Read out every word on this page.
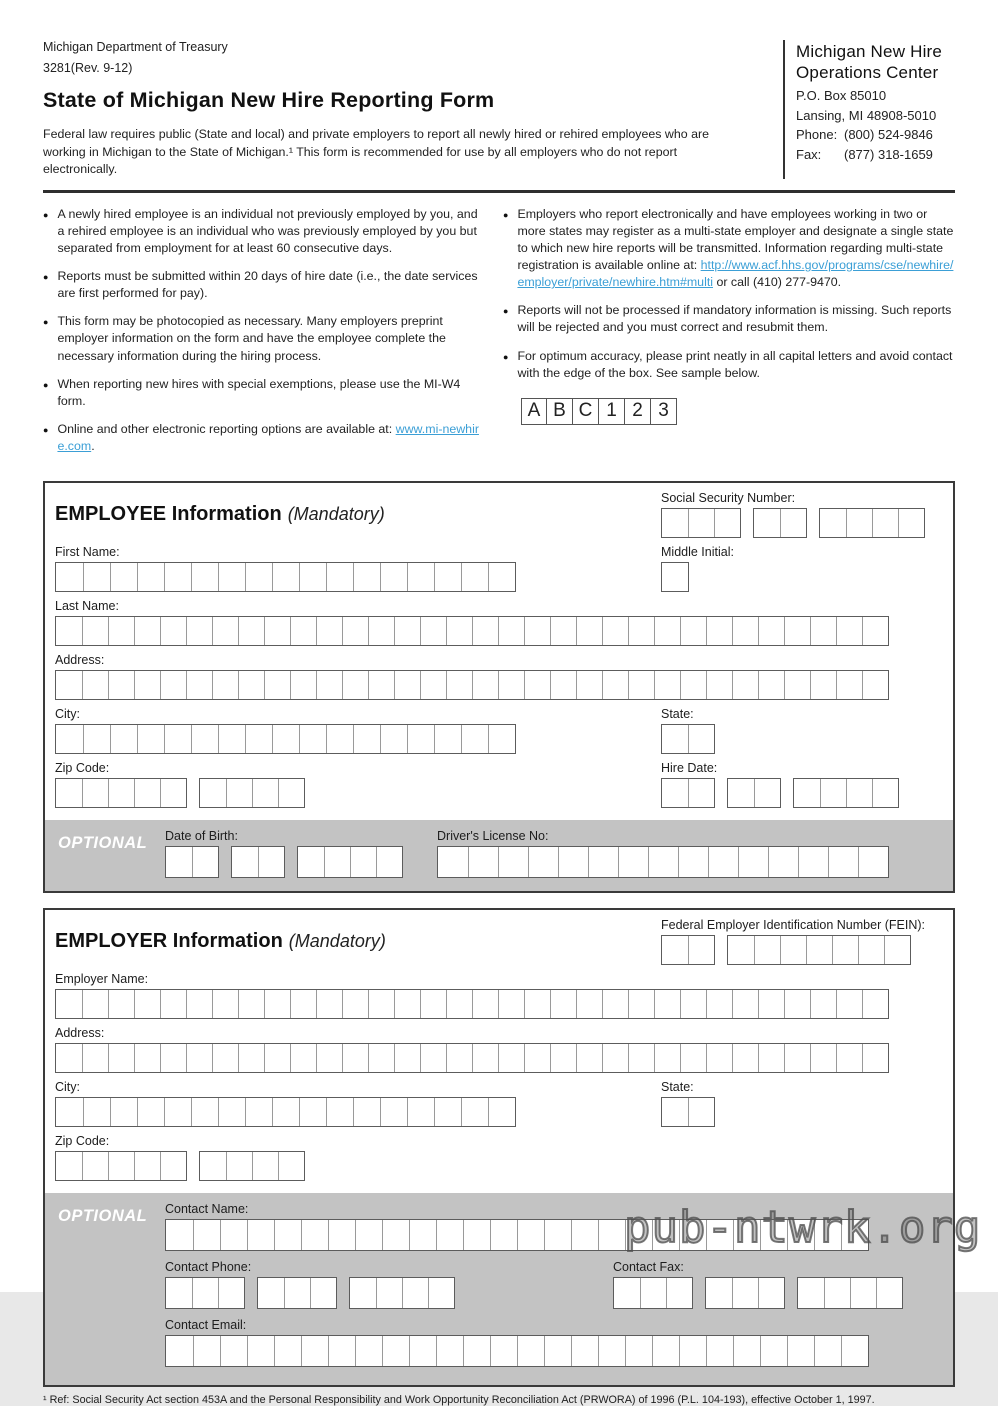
Michigan Department of Treasury
3281(Rev. 9-12)
State of Michigan New Hire Reporting Form
Federal law requires public (State and local) and private employers to report all newly hired or rehired employees who are working in Michigan to the State of Michigan.¹ This form is recommended for use by all employers who do not report electronically.
Michigan New Hire
Operations Center
P.O. Box 85010
Lansing, MI 48908-5010
Phone: (800) 524-9846
Fax:	(877) 318-1659
● A newly hired employee is an individual not previously employed by you, and a rehired employee is an individual who was previously employed by you but separated from employment for at least 60 consecutive days.
● Reports must be submitted within 20 days of hire date (i.e., the date services are first performed for pay).
● This form may be photocopied as necessary. Many employers preprint employer information on the form and have the employee complete the necessary information during the hiring process.
● When reporting new hires with special exemptions, please use the MI-W4 form.
● Online and other electronic reporting options are available at: www.mi-newhire.com.
● Employers who report electronically and have employees working in two or more states may register as a multi-state employer and designate a single state to which new hire reports will be transmitted. Information regarding multi-state registration is available online at: http://www.acf.hhs.gov/programs/cse/newhire/employer/private/newhire.htm#multi or call (410) 277-9470.
● Reports will not be processed if mandatory information is missing. Such reports will be rejected and you must correct and resubmit them.
● For optimum accuracy, please print neatly in all capital letters and avoid contact with the edge of the box. See sample below.
A B C 1 2 3
EMPLOYEE Information (Mandatory)
Social Security Number:
First Name:	Middle Initial:
Last Name:
Address:
City:	State:
Zip Code:	Hire Date:
OPTIONAL	Date of Birth:	Driver's License No:
EMPLOYER Information (Mandatory)
Federal Employer Identification Number (FEIN):
Employer Name:
Address:
City:	State:
Zip Code:
OPTIONAL	Contact Name:
Contact Phone:	Contact Fax:
Contact Email:
¹ Ref: Social Security Act section 453A and the Personal Responsibility and Work Opportunity Reconciliation Act (PRWORA) of 1996 (P.L. 104-193), effective October 1, 1997.
pub-ntwrk.org
